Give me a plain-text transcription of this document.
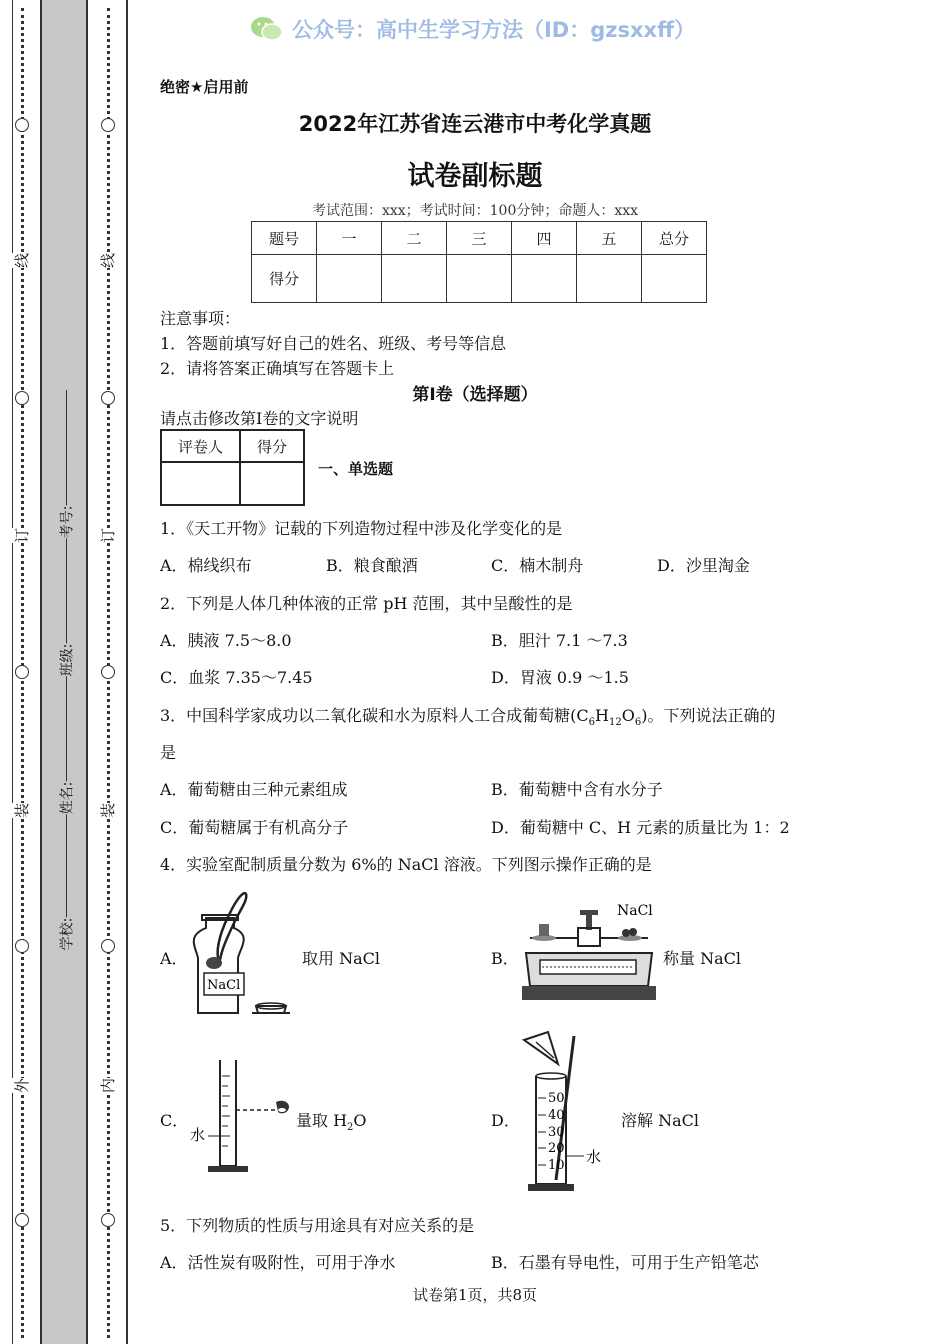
线
订
装
外
线
订
装
内
学校:
姓名:
班级:
考号:
公众号：高中生学习方法（ID：gzsxxff）
绝密★启用前
2022年江苏省连云港市中考化学真题
试卷副标题
考试范围：xxx；考试时间：100分钟；命题人：xxx
题号	一	二	三	四	五	总分
得分						
注意事项：
1．答题前填写好自己的姓名、班级、考号等信息
2．请将答案正确填写在答题卡上
第I卷（选择题）
请点击修改第I卷的文字说明
评卷人	得分

一、单选题
1．《天工开物》记载的下列造物过程中涉及化学变化的是
A．棉线织布	B．粮食酿酒	C．楠木制舟	D．沙里淘金
2．下列是人体几种体液的正常 pH 范围，其中呈酸性的是
A．胰液 7.5～8.0	B．胆汁 7.1 ～7.3
C．血浆 7.35～7.45	D．胃液 0.9 ～1.5
3．中国科学家成功以二氧化碳和水为原料人工合成葡萄糖$(C_6H_{12}O_6)$。下列说法正确的
是
A．葡萄糖由三种元素组成	B．葡萄糖中含有水分子
C．葡萄糖属于有机高分子	D．葡萄糖中 C、H 元素的质量比为 1：2
4．实验室配制质量分数为 6%的 NaCl 溶液。下列图示操作正确的是
A．
NaCl
取用 NaCl	B．
NaCl
称量 NaCl
C．
水
量取 $H_2O$	D．
50
40
30
20
10 水
溶解 NaCl
5．下列物质的性质与用途具有对应关系的是
A．活性炭有吸附性，可用于净水	B．石墨有导电性，可用于生产铅笔芯
试卷第1页，共8页
